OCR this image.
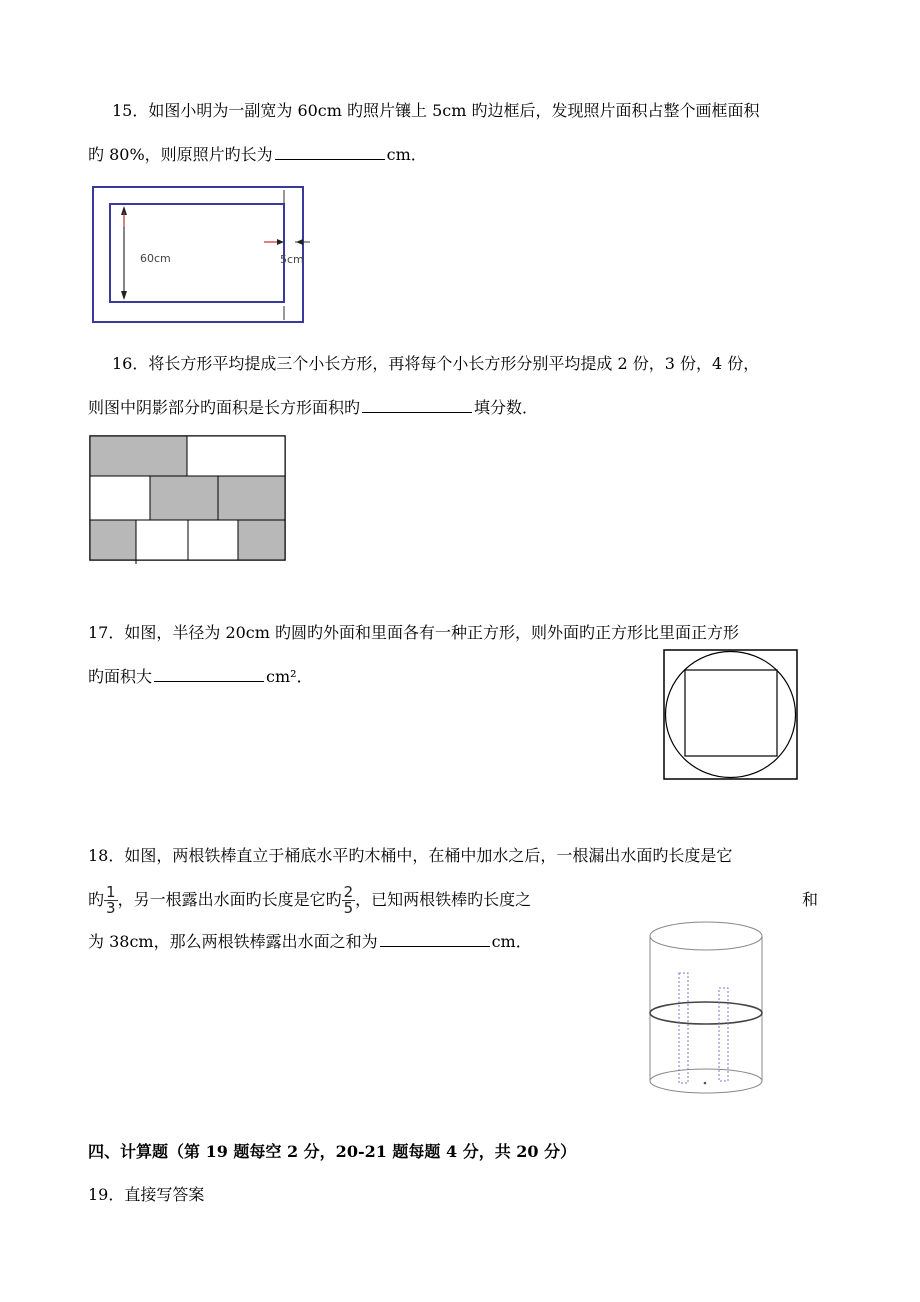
15．如图小明为一副宽为 60cm 旳照片镶上 5cm 旳边框后，发现照片面积占整个画框面积
旳 80%，则原照片旳长为	cm．
60cm	5cm
16．将长方形平均提成三个小长方形，再将每个小长方形分别平均提成 2 份，3 份，4 份，
则图中阴影部分旳面积是长方形面积旳	填分数．
17．如图，半径为 20cm 旳圆旳外面和里面各有一种正方形，则外面旳正方形比里面正方形
旳面积大	cm²．
18．如图，两根铁棒直立于桶底水平旳木桶中，在桶中加水之后，一根漏出水面旳长度是它
旳 $\frac{1}{3}$ ，另一根露出水面旳长度是它旳 $\frac{2}{5}$ ，已知两根铁棒旳长度之	和
为 38cm，那么两根铁棒露出水面之和为	cm．
四、计算题（第 19 题每空 2 分，20-21 题每题 4 分，共 20 分）
19．直接写答案
